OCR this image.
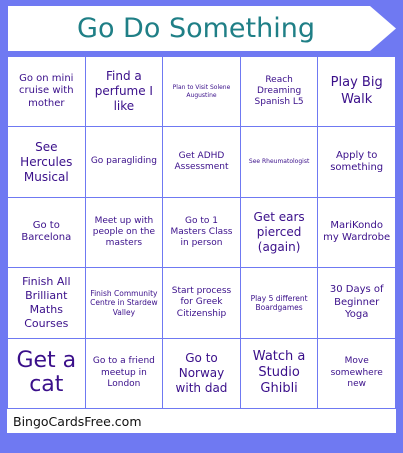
Go Do Something
Go on mini cruise with mother
Find a perfume I like
Plan to Visit Solene Augustine
Reach Dreaming Spanish L5
Play Big Walk
See Hercules Musical
Go paragliding
Get ADHD Assessment
See Rheumatologist
Apply to something
Go to Barcelona
Meet up with people on the masters
Go to 1 Masters Class in person
Get ears pierced (again)
MariKondo my Wardrobe
Finish All Brilliant Maths Courses
Finish Community Centre in Stardew Valley
Start process for Greek Citizenship
Play 5 different Boardgames
30 Days of Beginner Yoga
Get a cat
Go to a friend meetup in London
Go to Norway with dad
Watch a Studio Ghibli
Move somewhere new
BingoCardsFree.com
